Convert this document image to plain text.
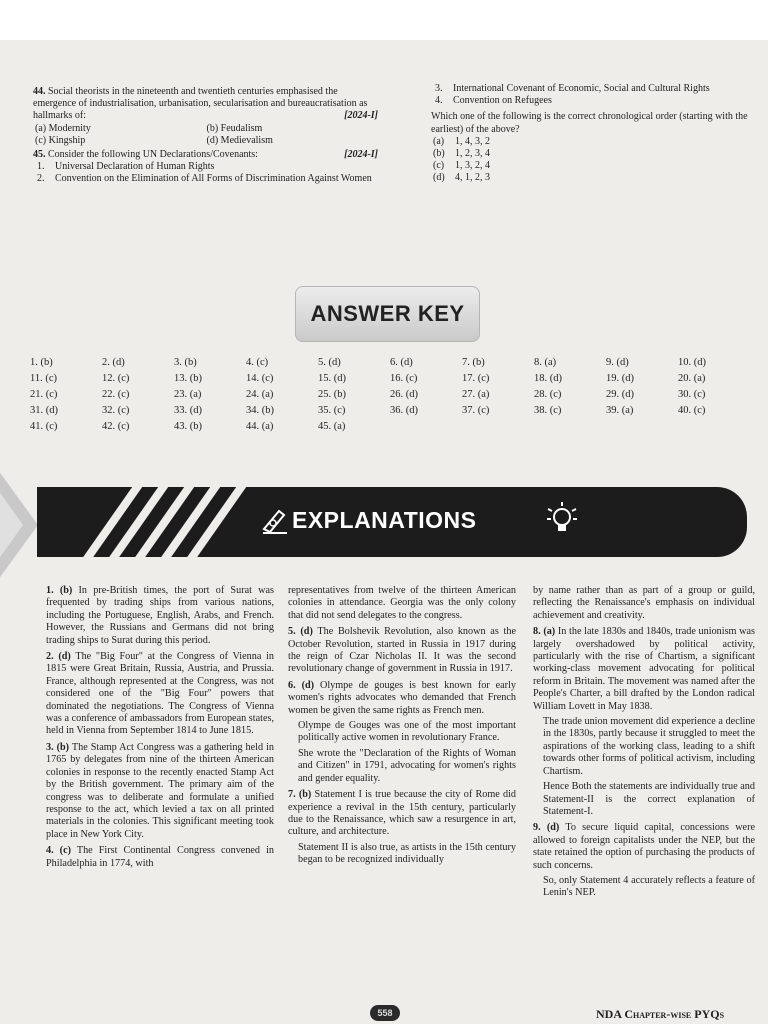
44. Social theorists in the nineteenth and twentieth centuries emphasised the emergence of industrialisation, urbanisation, secularisation and bureaucratisation as hallmarks of:	[2024-I]
(a) Modernity	(b) Feudalism
(c) Kingship	(d) Medievalism
45. Consider the following UN Declarations/Covenants:	[2024-I]
1.	Universal Declaration of Human Rights
2.	Convention on the Elimination of All Forms of Discrimination Against Women
3.	International Covenant of Economic, Social and Cultural Rights
4.	Convention on Refugees
Which one of the following is the correct chronological order (starting with the earliest) of the above?
(a) 1, 4, 3, 2
(b) 1, 2, 3, 4
(c) 1, 3, 2, 4
(d) 4, 1, 2, 3
ANSWER KEY
1. (b)	2. (d)	3. (b)	4. (c)	5. (d)	6. (d)	7. (b)	8. (a)	9. (d)	10. (d)
11. (c)	12. (c)	13. (b)	14. (c)	15. (d)	16. (c)	17. (c)	18. (d)	19. (d)	20. (a)
21. (c)	22. (c)	23. (a)	24. (a)	25. (b)	26. (d)	27. (a)	28. (c)	29. (d)	30. (c)
31. (d)	32. (c)	33. (d)	34. (b)	35. (c)	36. (d)	37. (c)	38. (c)	39. (a)	40. (c)
41. (c)	42. (c)	43. (b)	44. (a)	45. (a)
EXPLANATIONS

1. (b) In pre-British times, the port of Surat was frequented by trading ships from various nations, including the Portuguese, English, Arabs, and French. However, the Russians and Germans did not bring trading ships to Surat during this period.

2. (d) The "Big Four" at the Congress of Vienna in 1815 were Great Britain, Russia, Austria, and Prussia. France, although represented at the Congress, was not considered one of the "Big Four" powers that dominated the negotiations. The Congress of Vienna was a conference of ambassadors from European states, held in Vienna from September 1814 to June 1815.

3. (b) The Stamp Act Congress was a gathering held in 1765 by delegates from nine of the thirteen American colonies in response to the recently enacted Stamp Act by the British government. The primary aim of the congress was to deliberate and formulate a unified response to the act, which levied a tax on all printed materials in the colonies. This significant meeting took place in New York City.

4. (c) The First Continental Congress convened in Philadelphia in 1774, with

representatives from twelve of the thirteen American colonies in attendance. Georgia was the only colony that did not send delegates to the congress.

5. (d) The Bolshevik Revolution, also known as the October Revolution, started in Russia in 1917 during the reign of Czar Nicholas II. It was the second revolutionary change of government in Russia in 1917.

6. (d) Olympe de gouges is best known for early women's rights advocates who demanded that French women be given the same rights as French men.

Olympe de Gouges was one of the most important politically active women in revolutionary France.

She wrote the "Declaration of the Rights of Woman and Citizen" in 1791, advocating for women's rights and gender equality.

7. (b) Statement I is true because the city of Rome did experience a revival in the 15th century, particularly due to the Renaissance, which saw a resurgence in art, culture, and architecture.

Statement II is also true, as artists in the 15th century began to be recognized individually

by name rather than as part of a group or guild, reflecting the Renaissance's emphasis on individual achievement and creativity.

8. (a) In the late 1830s and 1840s, trade unionism was largely overshadowed by political activity, particularly with the rise of Chartism, a significant working-class movement advocating for political reform in Britain. The movement was named after the People's Charter, a bill drafted by the London radical William Lovett in May 1838.

The trade union movement did experience a decline in the 1830s, partly because it struggled to meet the aspirations of the working class, leading to a shift towards other forms of political activism, including Chartism.

Hence Both the statements are individually true and Statement-II is the correct explanation of Statement-I.

9. (d) To secure liquid capital, concessions were allowed to foreign capitalists under the NEP, but the state retained the option of purchasing the products of such concerns.

So, only Statement 4 accurately reflects a feature of Lenin's NEP.

558	NDA Chapter-wise PYQs
